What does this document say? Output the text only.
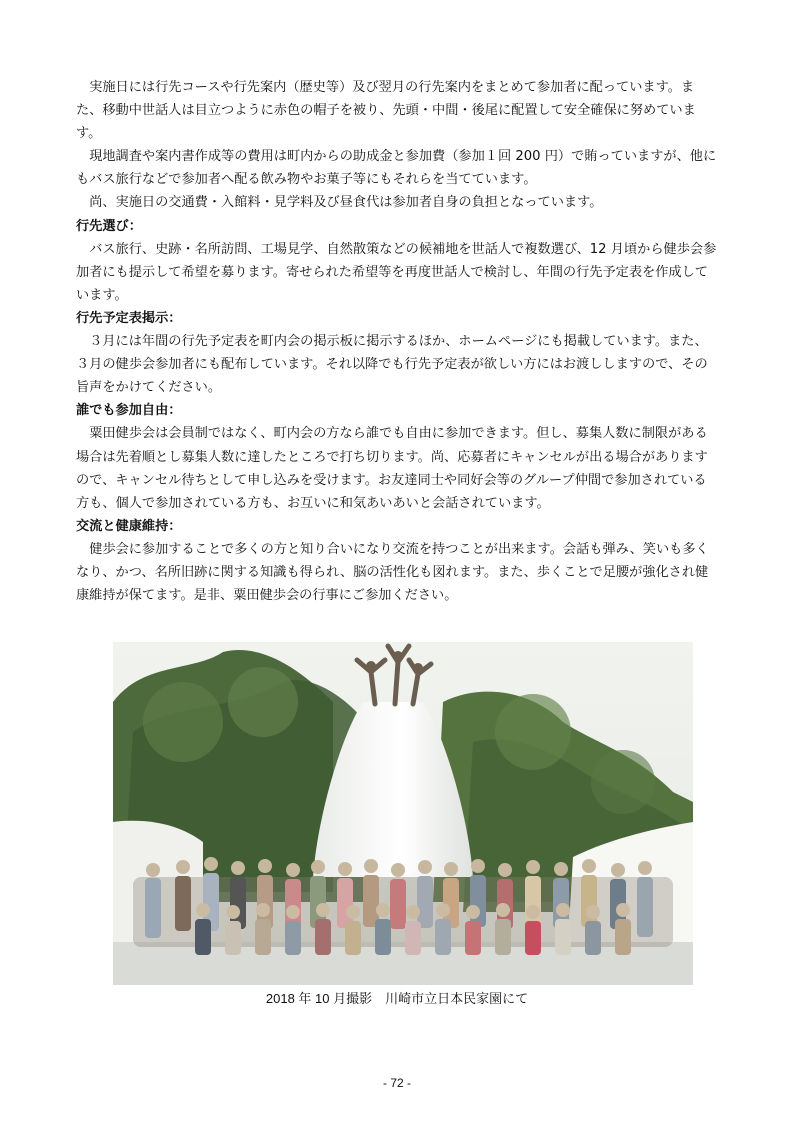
実施日には行先コースや行先案内（歴史等）及び翌月の行先案内をまとめて参加者に配っています。また、移動中世話人は目立つように赤色の帽子を被り、先頭・中間・後尾に配置して安全確保に努めています。

現地調査や案内書作成等の費用は町内からの助成金と参加費（参加１回 200 円）で賄っていますが、他にもバス旅行などで参加者へ配る飲み物やお菓子等にもそれらを当てています。

尚、実施日の交通費・入館料・見学料及び昼食代は参加者自身の負担となっています。

行先選び：

バス旅行、史跡・名所訪問、工場見学、自然散策などの候補地を世話人で複数選び、12 月頃から健歩会参加者にも提示して希望を募ります。寄せられた希望等を再度世話人で検討し、年間の行先予定表を作成しています。

行先予定表掲示：

３月には年間の行先予定表を町内会の掲示板に掲示するほか、ホームページにも掲載しています。また、３月の健歩会参加者にも配布しています。それ以降でも行先予定表が欲しい方にはお渡ししますので、その旨声をかけてください。

誰でも参加自由：

粟田健歩会は会員制ではなく、町内会の方なら誰でも自由に参加できます。但し、募集人数に制限がある場合は先着順とし募集人数に達したところで打ち切ります。尚、応募者にキャンセルが出る場合がありますので、キャンセル待ちとして申し込みを受けます。お友達同士や同好会等のグループ仲間で参加されている方も、個人で参加されている方も、お互いに和気あいあいと会話されています。

交流と健康維持：

健歩会に参加することで多くの方と知り合いになり交流を持つことが出来ます。会話も弾み、笑いも多くなり、かつ、名所旧跡に関する知識も得られ、脳の活性化も図れます。また、歩くことで足腰が強化され健康維持が保てます。是非、粟田健歩会の行事にご参加ください。

2018 年 10 月撮影　川崎市立日本民家園にて
- 72 -
